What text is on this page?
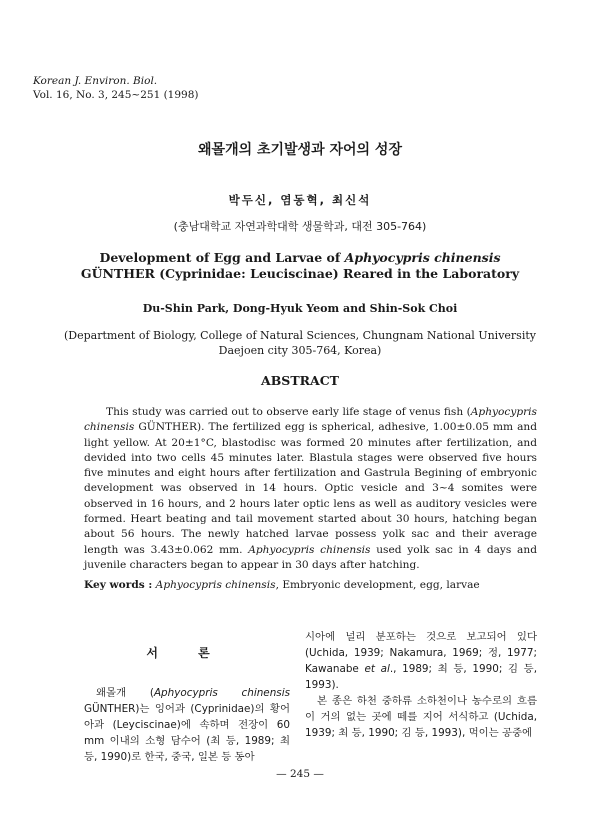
Korean J. Environ. Biol.
Vol. 16, No. 3, 245~251 (1998)
왜몰개의 초기발생과 자어의 성장
박두신, 염동혁, 최신석
(충남대학교 자연과학대학 생물학과, 대전 305-764)
Development of Egg and Larvae of Aphyocypris chinensis
GÜNTHER (Cyprinidae: Leuciscinae) Reared in the Laboratory
Du-Shin Park, Dong-Hyuk Yeom and Shin-Sok Choi
(Department of Biology, College of Natural Sciences, Chungnam National University Daejoen city 305-764, Korea)
ABSTRACT
This study was carried out to observe early life stage of venus fish (Aphyocypris chinensis GÜNTHER). The fertilized egg is spherical, adhesive, 1.00±0.05 mm and light yellow. At 20±1°C, blastodisc was formed 20 minutes after fertilization, and devided into two cells 45 minutes later. Blastula stages were observed five hours five minutes and eight hours after fertilization and Gastrula Begining of embryonic development was observed in 14 hours. Optic vesicle and 3~4 somites were observed in 16 hours, and 2 hours later optic lens as well as auditory vesicles were formed. Heart beating and tail movement started about 30 hours, hatching began about 56 hours. The newly hatched larvae possess yolk sac and their average length was 3.43±0.062 mm. Aphyocypris chinensis used yolk sac in 4 days and juvenile characters began to appear in 30 days after hatching.
Key words : Aphyocypris chinensis, Embryonic development, egg, larvae
서 론
왜몰개 (Aphyocypris chinensis GÜNTHER)는 잉어과 (Cyprinidae)의 황어아과 (Leyciscinae)에 속하며 전장이 60 mm 이내의 소형 담수어 (최 등, 1989; 최 등, 1990)로 한국, 중국, 일본 등 동아
시아에 널리 분포하는 것으로 보고되어 있다 (Uchida, 1939; Nakamura, 1969; 정, 1977; Kawanabe et al., 1989; 최 등, 1990; 김 등, 1993).
본 종은 하천 중하류 소하천이나 농수로의 흐름이 거의 없는 곳에 떼를 지어 서식하고 (Uchida, 1939; 최 등, 1990; 김 등, 1993), 먹이는 공중에
— 245 —
